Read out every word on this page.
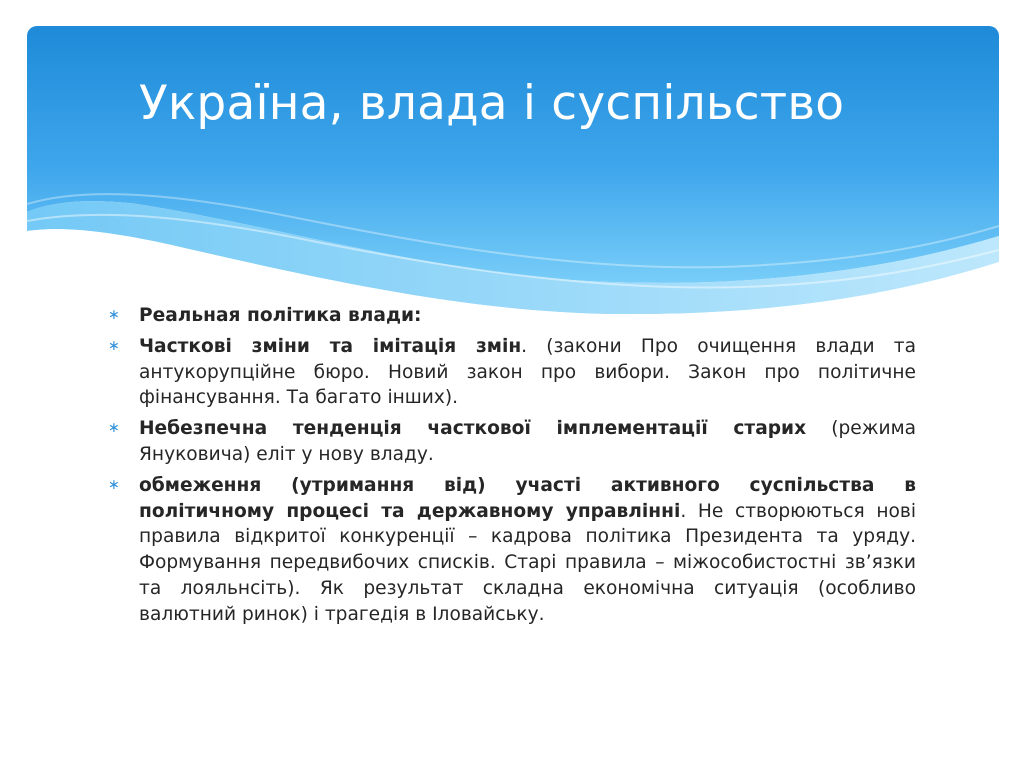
Україна, влада і суспільство
∗ Реальная політика влади:
∗ Часткові зміни та імітація змін. (закони Про очищення влади та антукорупційне бюро. Новий закон про вибори. Закон про політичне фінансування. Та багато інших).
∗ Небезпечна тенденція часткової імплементації старих (режима Януковича) еліт у нову владу.
∗ обмеження (утримання від) участі активного суспільства в політичному процесі та державному управлінні. Не створюються нові правила відкритої конкуренції – кадрова політика Президента та уряду. Формування передвибочих списків. Старі правила – міжособистостні зв’язки та лояльнсіть). Як результат складна економічна ситуація (особливо валютний ринок) і трагедія в Іловайську.
